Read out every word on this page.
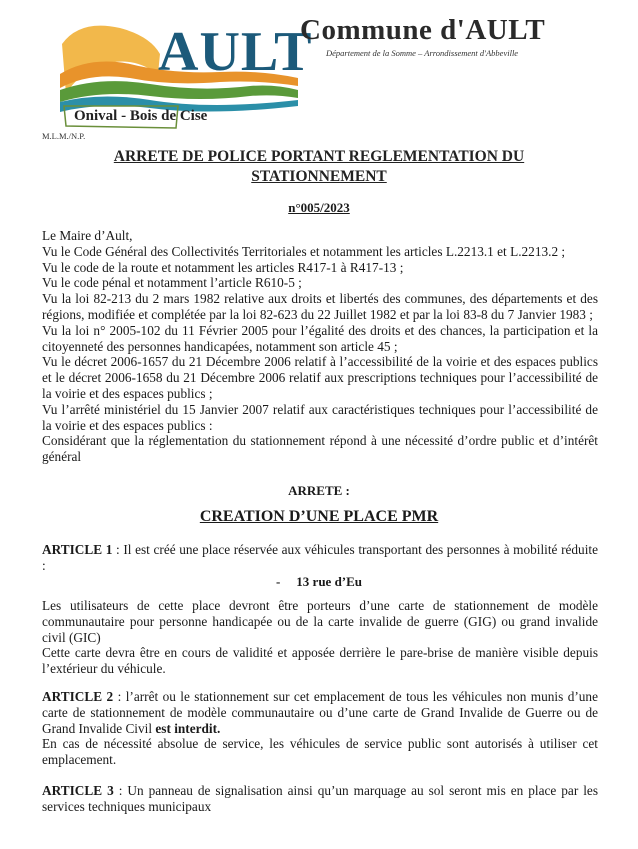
AULT
Onival - Bois de Cise
Commune d'AULT
Département de la Somme – Arrondissement d'Abbeville
M.L.M./N.P.
ARRETE DE POLICE PORTANT REGLEMENTATION DU
STATIONNEMENT
n°005/2023

Le Maire d’Ault,

Vu le Code Général des Collectivités Territoriales et notamment les articles L.2213.1 et L.2213.2 ;

Vu le code de la route et notamment les articles R417-1 à R417-13 ;

Vu le code pénal et notamment l’article R610-5 ;

Vu la loi 82-213 du 2 mars 1982 relative aux droits et libertés des communes, des départements et des régions, modifiée et complétée par la loi 82-623 du 22 Juillet 1982 et par la loi 83-8 du 7 Janvier 1983 ;

Vu la loi n° 2005-102 du 11 Février 2005 pour l’égalité des droits et des chances, la participation et la citoyenneté des personnes handicapées, notamment son article 45 ;

Vu le décret 2006-1657 du 21 Décembre 2006 relatif à l’accessibilité de la voirie et des espaces publics et le décret 2006-1658 du 21 Décembre 2006 relatif aux prescriptions techniques pour l’accessibilité de la voirie et des espaces publics ;

Vu l’arrêté ministériel du 15 Janvier 2007 relatif aux caractéristiques techniques pour l’accessibilité de la voirie et des espaces publics :

Considérant que la réglementation du stationnement répond à une nécessité d’ordre public et d’intérêt général

ARRETE :
CREATION D’UNE PLACE PMR

ARTICLE 1 : Il est créé une place réservée aux véhicules transportant des personnes à mobilité réduite :

- 13 rue d’Eu

Les utilisateurs de cette place devront être porteurs d’une carte de stationnement de modèle communautaire pour personne handicapée ou de la carte invalide de guerre (GIG) ou grand invalide civil (GIC)

Cette carte devra être en cours de validité et apposée derrière le pare-brise de manière visible depuis l’extérieur du véhicule.

ARTICLE 2 : l’arrêt ou le stationnement sur cet emplacement de tous les véhicules non munis d’une carte de stationnement de modèle communautaire ou d’une carte de Grand Invalide de Guerre ou de Grand Invalide Civil est interdit.

En cas de nécessité absolue de service, les véhicules de service public sont autorisés à utiliser cet emplacement.

ARTICLE 3 : Un panneau de signalisation ainsi qu’un marquage au sol seront mis en place par les services techniques municipaux
